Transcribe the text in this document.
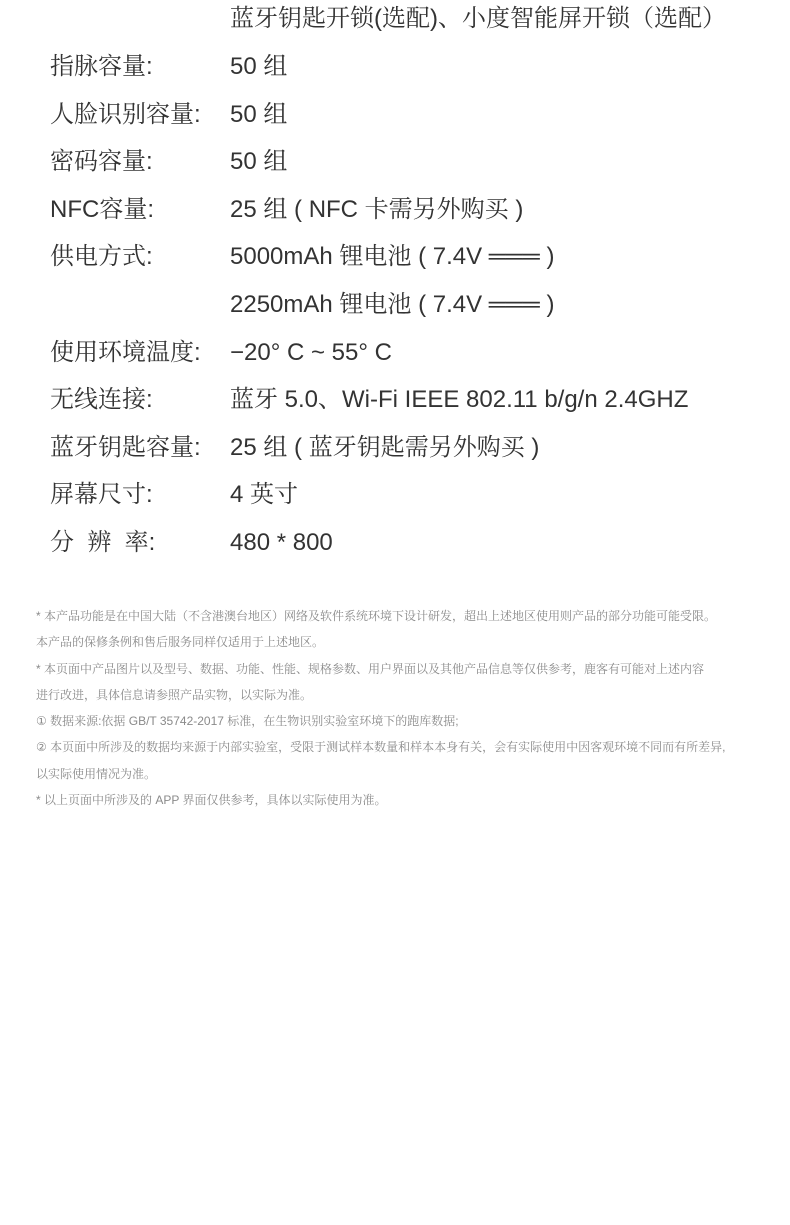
蓝牙钥匙开锁(选配)、小度智能屏开锁（选配）
指脉容量:	50 组
人脸识别容量: 50 组
密码容量:	50 组
NFC容量:	25 组 ( NFC 卡需另外购买 )
供电方式:	5000mAh 锂电池 ( 7.4V ═══ )
2250mAh 锂电池 ( 7.4V ═══ )
使用环境温度: −20° C ~ 55° C
无线连接:	蓝牙 5.0、Wi-Fi IEEE 802.11 b/g/n 2.4GHZ
蓝牙钥匙容量: 25 组 ( 蓝牙钥匙需另外购买 )
屏幕尺寸:	4 英寸
分  辨  率:	480 * 800
* 本产品功能是在中国大陆（不含港澳台地区）网络及软件系统环境下设计研发，超出上述地区使用则产品的部分功能可能受限。
本产品的保修条例和售后服务同样仅适用于上述地区。
* 本页面中产品图片以及型号、数据、功能、性能、规格参数、用户界面以及其他产品信息等仅供参考，鹿客有可能对上述内容
进行改进，具体信息请参照产品实物，以实际为准。
① 数据来源:依据 GB/T 35742-2017 标准，在生物识别实验室环境下的跑库数据;
② 本页面中所涉及的数据均来源于内部实验室，受限于测试样本数量和样本本身有关，会有实际使用中因客观环境不同而有所差异,
以实际使用情况为准。
* 以上页面中所涉及的 APP 界面仅供参考，具体以实际使用为准。
